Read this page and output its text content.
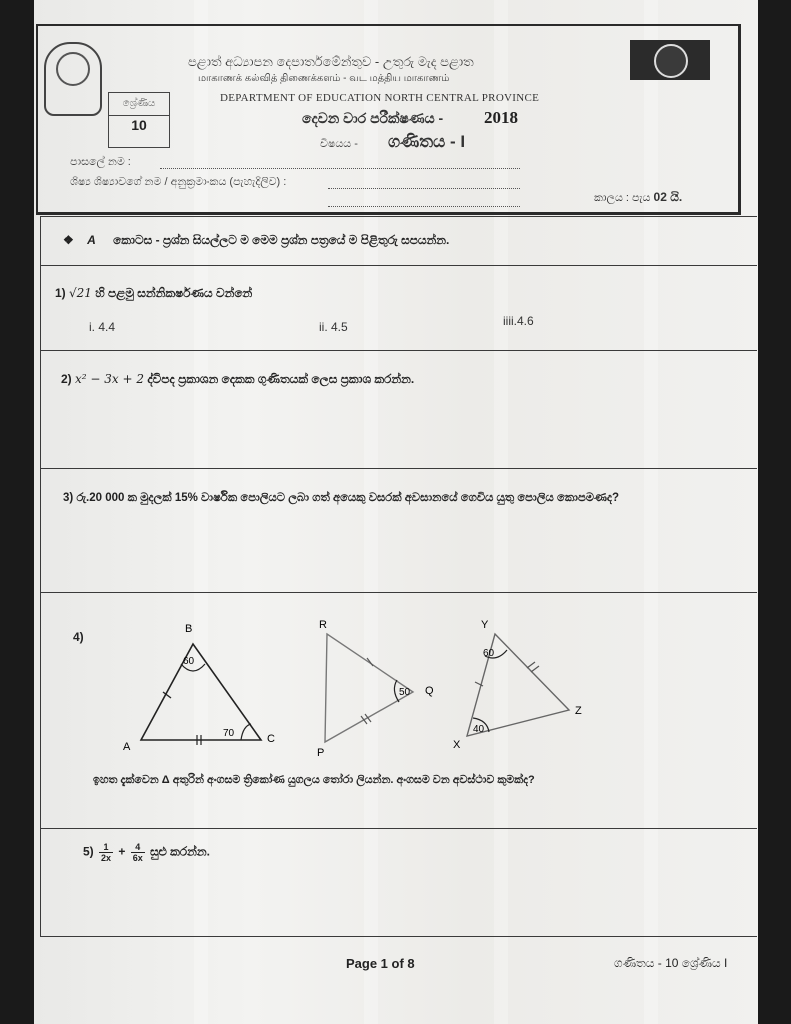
පළාත් අධ්‍යාපන දෙපාර්තමේන්තුව - උතුරු මැද පළාත
மாகாணக் கல்வித் திணைக்களம் - வட மத்திய மாகாணம்
DEPARTMENT OF EDUCATION NORTH CENTRAL PROVINCE
ශ්‍රේණිය
10	දෙවන වාර පරීක්ෂණය - 2018
විෂයය - ගණිතය - I
පාසලේ නම :
ශිෂ්‍ය ශිෂ්‍යාවගේ නම / අනුක්‍රමාංකය (පැහැදිලිව) :
කාලය : පැය 02 යි.
❖ A කොටස - ප්‍රශ්න සියල්ලට ම මෙම ප්‍රශ්න පත්‍රයේ ම පිළිතුරු සපයන්න.
1) √21 හි පළමු සන්නිකර්ෂණය වන්නේ
i. 4.4	ii. 4.5	iiii.4.6
2) x² − 3x + 2 ද්විපද ප්‍රකාශන දෙකක ගුණිතයක් ලෙස ප්‍රකාශ කරන්න.
3) රු.20 000 ක මුදලක් 15% වාර්ෂික පොලියට ලබා ගත් අයෙකු වසරක් අවසානයේ ගෙවිය යුතු පොලිය කොපමණද?
4)
B
A
C
60
70
R
Q
P
50
Y
Z
X
60
40
ඉහත දැක්වෙන Δ අතුරින් අංගසම ත්‍රිකෝණ යුගලය තෝරා ලියන්න. අංගසම වන අවස්ථාව කුමක්ද?
$5) \frac{1}{2x} + \frac{4}{6x}$ සුළු කරන්න.
Page 1 of 8	ගණිතය - 10 ශ්‍රේණිය I
